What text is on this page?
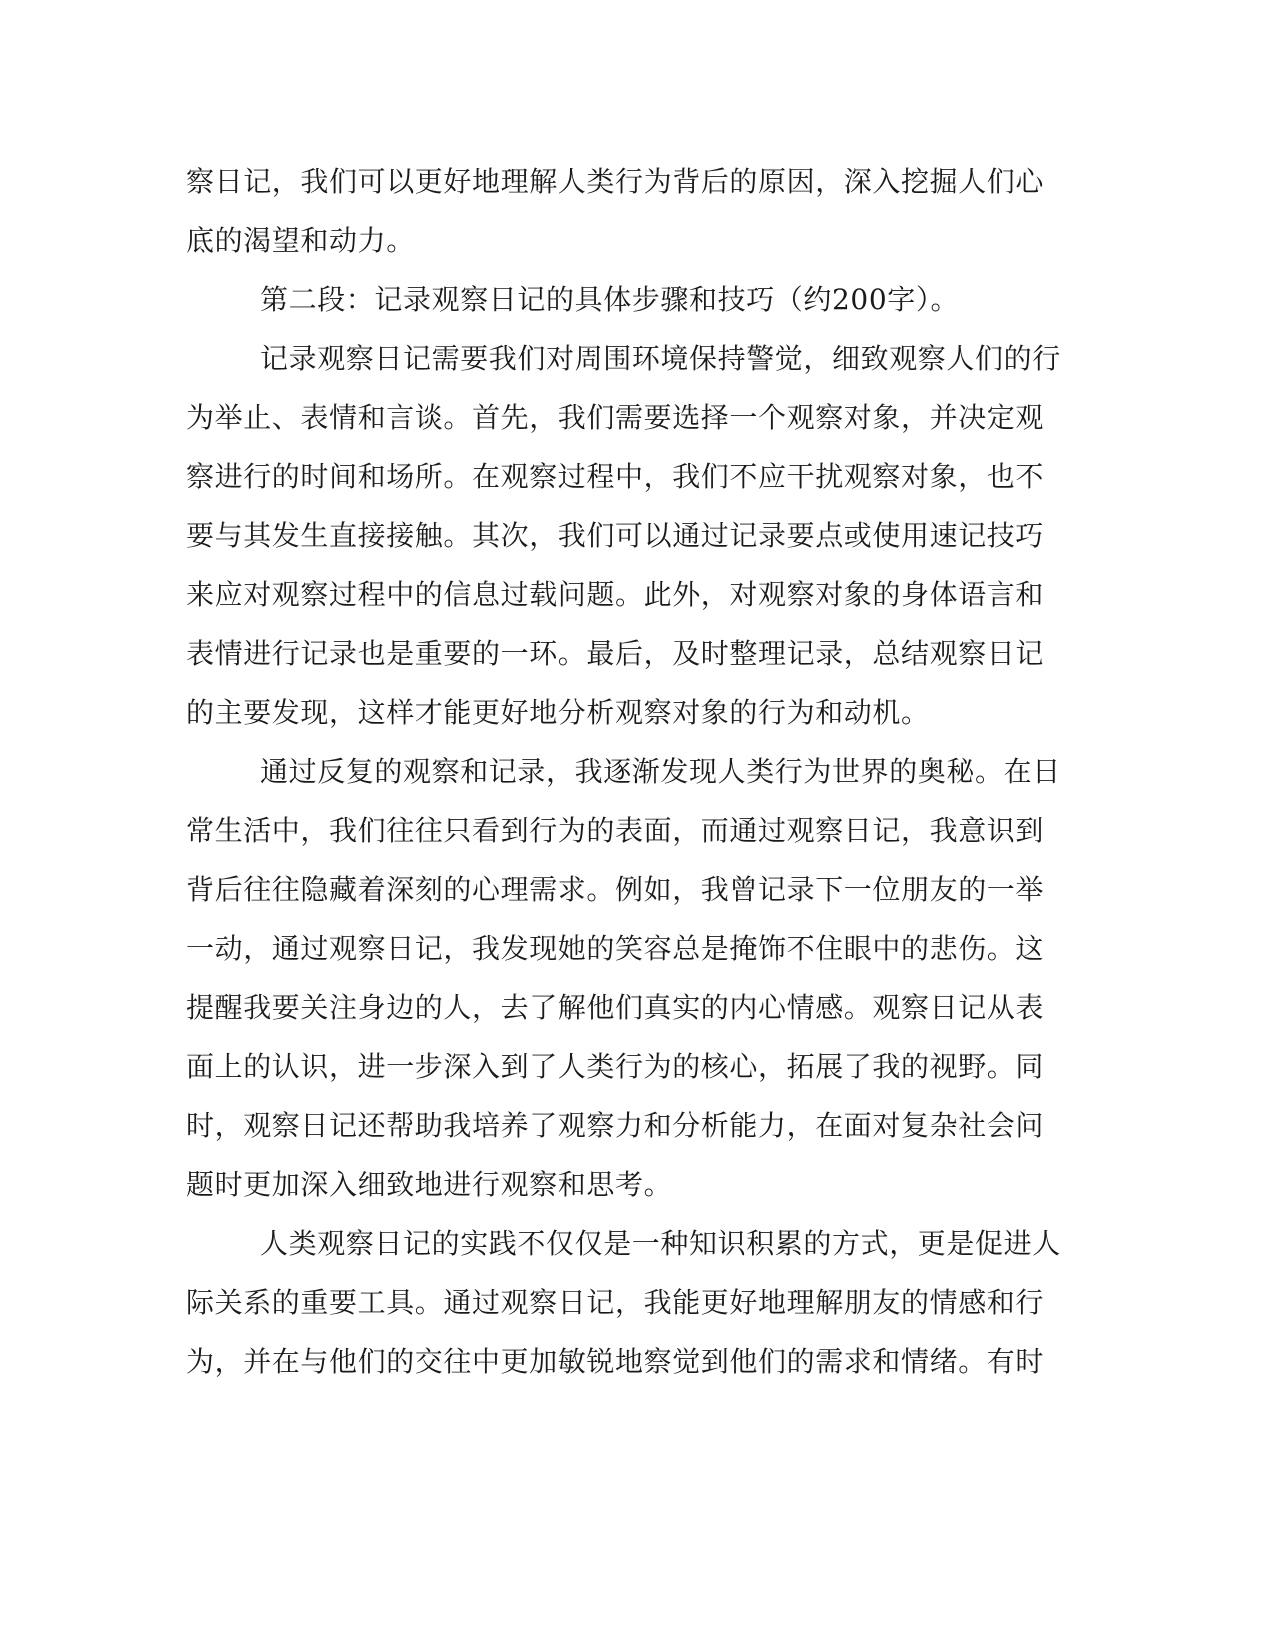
察日记，我们可以更好地理解人类行为背后的原因，深入挖掘人们心

底的渴望和动力。

第二段：记录观察日记的具体步骤和技巧（约200字）。

记录观察日记需要我们对周围环境保持警觉，细致观察人们的行

为举止、表情和言谈。首先，我们需要选择一个观察对象，并决定观

察进行的时间和场所。在观察过程中，我们不应干扰观察对象，也不

要与其发生直接接触。其次，我们可以通过记录要点或使用速记技巧

来应对观察过程中的信息过载问题。此外，对观察对象的身体语言和

表情进行记录也是重要的一环。最后，及时整理记录，总结观察日记

的主要发现，这样才能更好地分析观察对象的行为和动机。

通过反复的观察和记录，我逐渐发现人类行为世界的奥秘。在日

常生活中，我们往往只看到行为的表面，而通过观察日记，我意识到

背后往往隐藏着深刻的心理需求。例如，我曾记录下一位朋友的一举

一动，通过观察日记，我发现她的笑容总是掩饰不住眼中的悲伤。这

提醒我要关注身边的人，去了解他们真实的内心情感。观察日记从表

面上的认识，进一步深入到了人类行为的核心，拓展了我的视野。同

时，观察日记还帮助我培养了观察力和分析能力，在面对复杂社会问

题时更加深入细致地进行观察和思考。

人类观察日记的实践不仅仅是一种知识积累的方式，更是促进人

际关系的重要工具。通过观察日记，我能更好地理解朋友的情感和行

为，并在与他们的交往中更加敏锐地察觉到他们的需求和情绪。有时
